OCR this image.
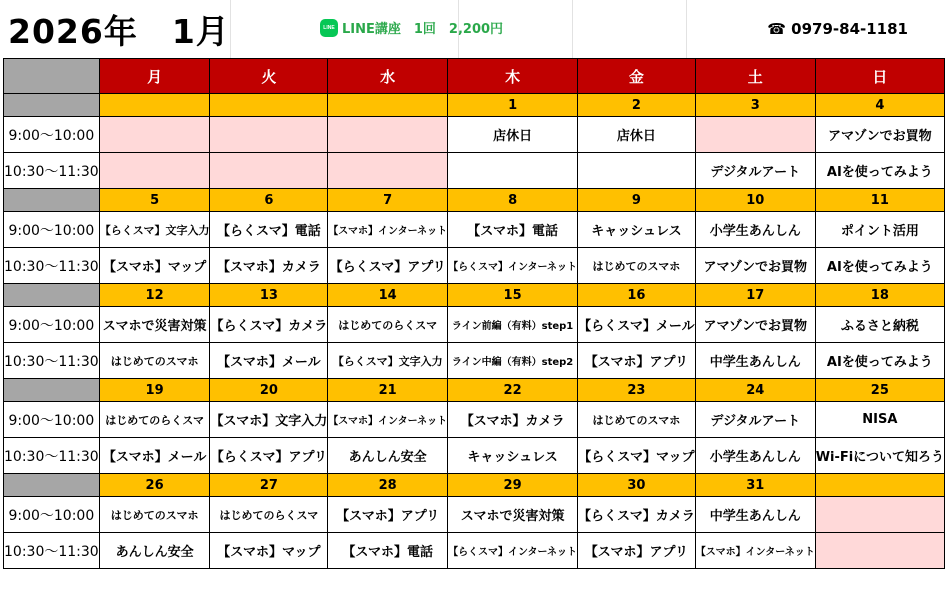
2026年　1月	LINE LINE講座　1回　2,200円	☎ 0979-84-1181
	月	火	水	木	金	土	日
				1	2	3	4
9:00～10:00				店休日	店休日		アマゾンでお買物
10:30～11:30						デジタルアート	AIを使ってみよう
	5	6	7	8	9	10	11
9:00～10:00	【らくスマ】文字入力	【らくスマ】電話	【スマホ】インターネット	【スマホ】電話	キャッシュレス	小学生あんしん	ポイント活用
10:30～11:30	【スマホ】マップ	【スマホ】カメラ	【らくスマ】アプリ	【らくスマ】インターネット	はじめてのスマホ	アマゾンでお買物	AIを使ってみよう
	12	13	14	15	16	17	18
9:00～10:00	スマホで災害対策	【らくスマ】カメラ	はじめてのらくスマ	ライン前編（有料）step1	【らくスマ】メール	アマゾンでお買物	ふるさと納税
10:30～11:30	はじめてのスマホ	【スマホ】メール	【らくスマ】文字入力	ライン中編（有料）step2	【スマホ】アプリ	中学生あんしん	AIを使ってみよう
	19	20	21	22	23	24	25
9:00～10:00	はじめてのらくスマ	【スマホ】文字入力	【スマホ】インターネット	【スマホ】カメラ	はじめてのスマホ	デジタルアート	NISA
10:30～11:30	【スマホ】メール	【らくスマ】アプリ	あんしん安全	キャッシュレス	【らくスマ】マップ	小学生あんしん	Wi-Fiについて知ろう
	26	27	28	29	30	31	
9:00～10:00	はじめてのスマホ	はじめてのらくスマ	【スマホ】アプリ	スマホで災害対策	【らくスマ】カメラ	中学生あんしん	
10:30～11:30	あんしん安全	【スマホ】マップ	【スマホ】電話	【らくスマ】インターネット	【スマホ】アプリ	【スマホ】インターネット	
